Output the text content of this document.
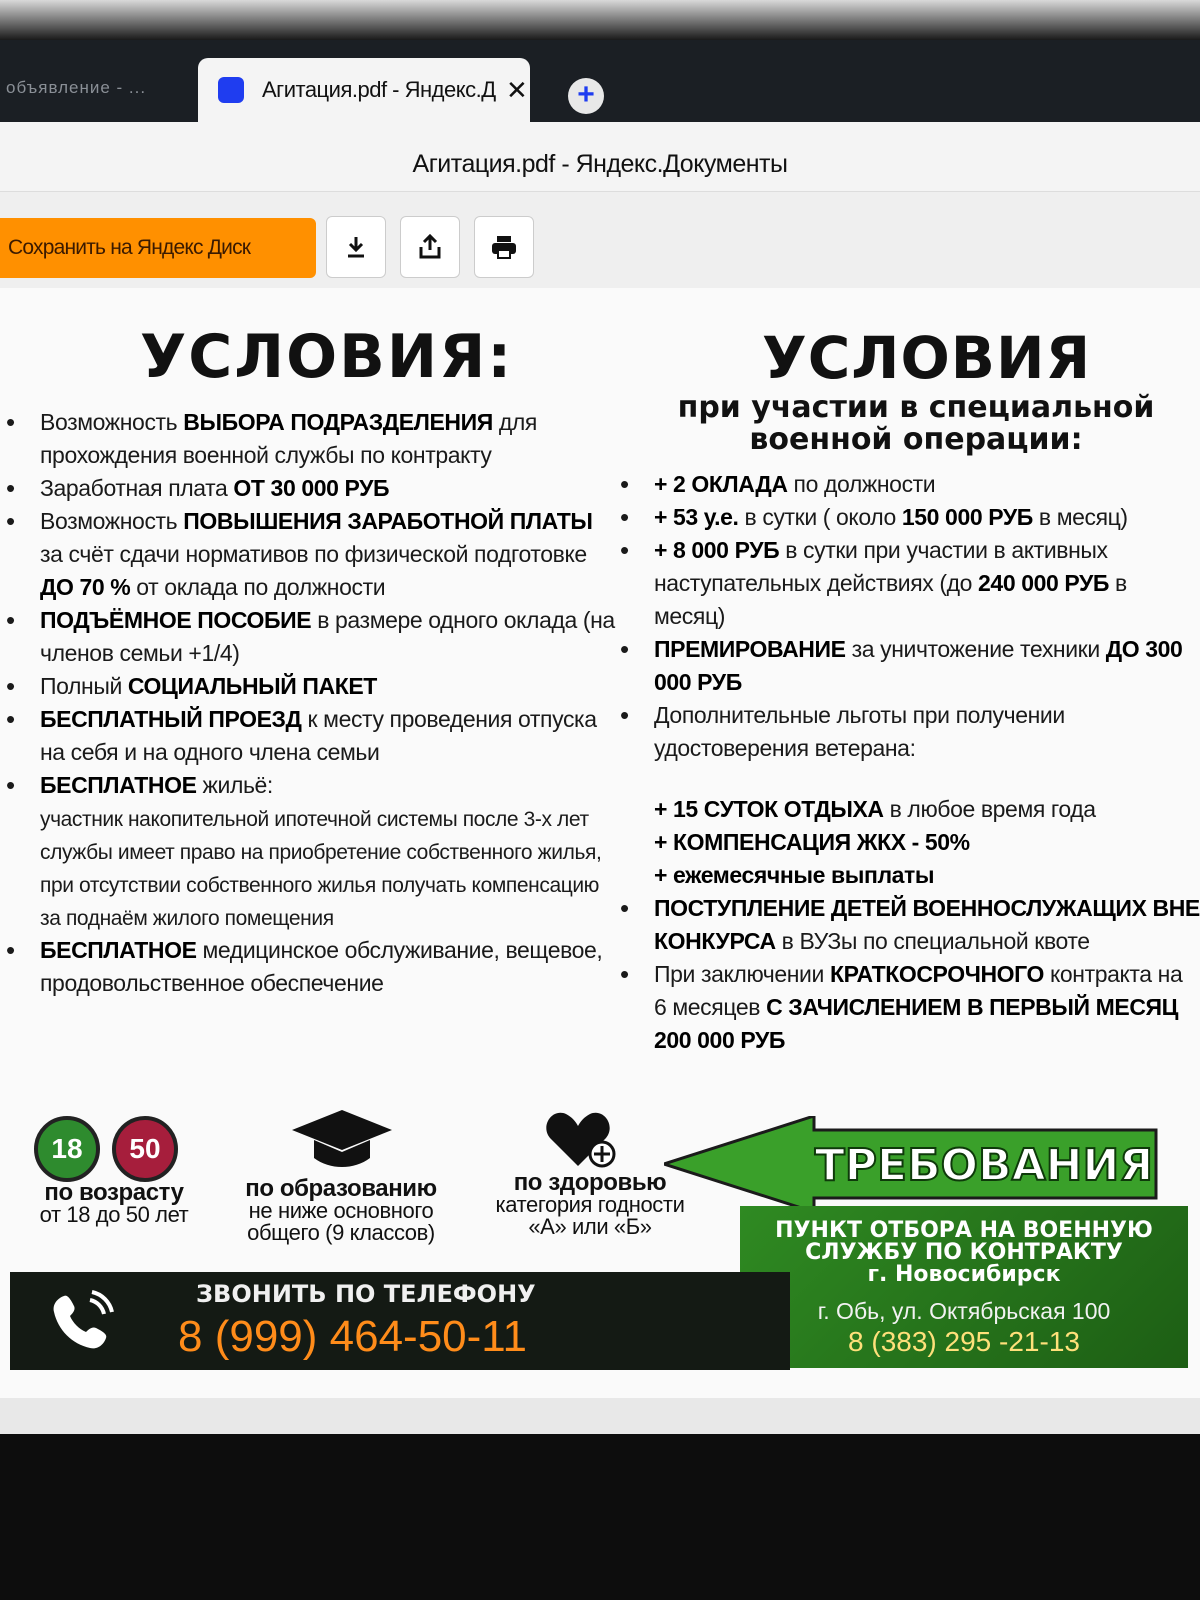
объявление - ...	Агитация.pdf - Яндекс.Д ✕	+
Агитация.pdf - Яндекс.Документы
Сохранить на Яндекс Диск
УСЛОВИЯ:	УСЛОВИЯ
при участии в специальной
военной операции:

• Возможность ВЫБОРА ПОДРАЗДЕЛЕНИЯ для прохождения военной службы по контракту

• Заработная плата ОТ 30 000 РУБ

• Возможность ПОВЫШЕНИЯ ЗАРАБОТНОЙ ПЛАТЫ за счёт сдачи нормативов по физической подготовке ДО 70 % от оклада по должности

• ПОДЪЁМНОЕ ПОСОБИЕ в размере одного оклада (на членов семьи +1/4)

• Полный СОЦИАЛЬНЫЙ ПАКЕТ

• БЕСПЛАТНЫЙ ПРОЕЗД к месту проведения отпуска на себя и на одного члена семьи

• БЕСПЛАТНОЕ жильё:
участник накопительной ипотечной системы после 3-х лет службы имеет право на приобретение собственного жилья, при отсутствии собственного жилья получать компенсацию за поднаём жилого помещения

• БЕСПЛАТНОЕ медицинское обслуживание, вещевое, продовольственное обеспечение

• + 2 ОКЛАДА по должности

• + 53 у.е. в сутки ( около 150 000 РУБ в месяц)

• + 8 000 РУБ в сутки при участии в активных наступательных действиях (до 240 000 РУБ в месяц)

• ПРЕМИРОВАНИЕ за уничтожение техники ДО 300 000 РУБ

• Дополнительные льготы при получении удостоверения ветерана:

+ 15 СУТОК ОТДЫХА в любое время года

+ КОМПЕНСАЦИЯ ЖКХ - 50%

+ ежемесячные выплаты

• ПОСТУПЛЕНИЕ ДЕТЕЙ ВОЕННОСЛУЖАЩИХ ВНЕ КОНКУРСА в ВУЗы по специальной квоте

• При заключении КРАТКОСРОЧНОГО контракта на 6 месяцев С ЗАЧИСЛЕНИЕМ В ПЕРВЫЙ МЕСЯЦ 200 000 РУБ

18	50
по возрасту
от 18 до 50 лет
по образованию
не ниже основного
общего (9 классов)
по здоровью
категория годности
«А» или «Б»
ТРЕБОВАНИЯ
ПУНКТ ОТБОРА НА ВОЕННУЮ
СЛУЖБУ ПО КОНТРАКТУ
г. Новосибирск
г. Обь, ул. Октябрьская 100
8 (383) 295 -21-13
ЗВОНИТЬ ПО ТЕЛЕФОНУ
8 (999) 464-50-11
